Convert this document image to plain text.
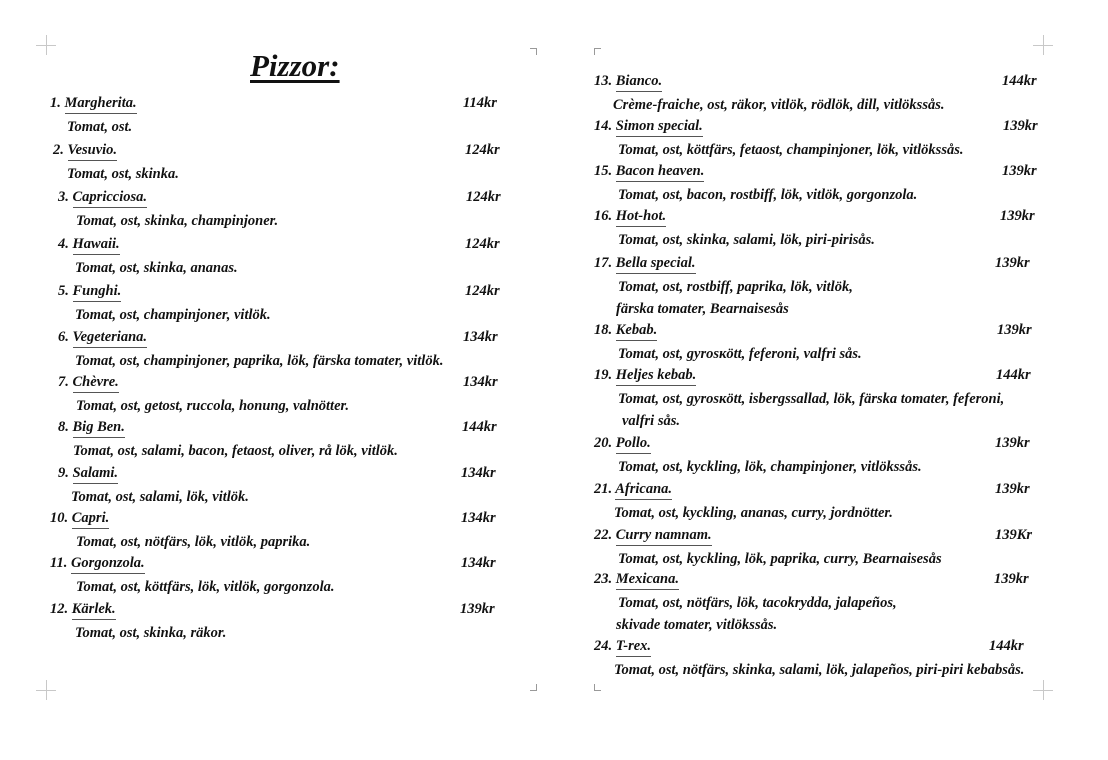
Pizzor:
1. Margherita.	114kr
Tomat, ost.
2. Vesuvio.	124kr
Tomat, ost, skinka.
3. Capricciosa.	124kr
Tomat, ost, skinka, champinjoner.
4. Hawaii.	124kr
Tomat, ost, skinka, ananas.
5. Funghi.	124kr
Tomat, ost, champinjoner, vitlök.
6. Vegeteriana.	134kr
Tomat, ost, champinjoner, paprika, lök, färska tomater, vitlök.
7. Chèvre.	134kr
Tomat, ost, getost, ruccola, honung, valnötter.
8. Big Ben.	144kr
Tomat, ost, salami, bacon, fetaost, oliver, rå lök, vitlök.
9. Salami.	134kr
Tomat, ost, salami, lök, vitlök.
10. Capri.	134kr
Tomat, ost, nötfärs, lök, vitlök, paprika.
11. Gorgonzola.	134kr
Tomat, ost, köttfärs, lök, vitlök, gorgonzola.
12. Kärlek.	139kr
Tomat, ost, skinka, räkor.
13. Bianco.	144kr
Crème-fraiche, ost, räkor, vitlök, rödlök, dill, vitlökssås.
14. Simon special.	139kr
Tomat, ost, köttfärs, fetaost, champinjoner, lök, vitlökssås.
15. Bacon heaven.	139kr
Tomat, ost, bacon, rostbiff, lök, vitlök, gorgonzola.
16. Hot-hot.	139kr
Tomat, ost, skinka, salami, lök, piri-pirisås.
17. Bella special.	139kr
Tomat, ost, rostbiff, paprika, lök, vitlök,
färska tomater, Bearnaisesås
18. Kebab.	139kr
Tomat, ost, gyrosкött, feferoni, valfri sås.
19. Heljes kebab.	144kr
Tomat, ost, gyrosкött, isbergssallad, lök, färska tomater, feferoni,
valfri sås.
20. Pollo.	139kr
Tomat, ost, kyckling, lök, champinjoner, vitlökssås.
21. Africana.	139kr
Tomat, ost, kyckling, ananas, curry, jordnötter.
22. Curry namnam.	139Kr
Tomat, ost, kyckling, lök, paprika, curry, Bearnaisesås
23. Mexicana.	139kr
Tomat, ost, nötfärs, lök, tacokrydda, jalapeños,
skivade tomater, vitlökssås.
24. T-rex.	144kr
Tomat, ost, nötfärs, skinka, salami, lök, jalapeños, piri-piri kebabsås.
